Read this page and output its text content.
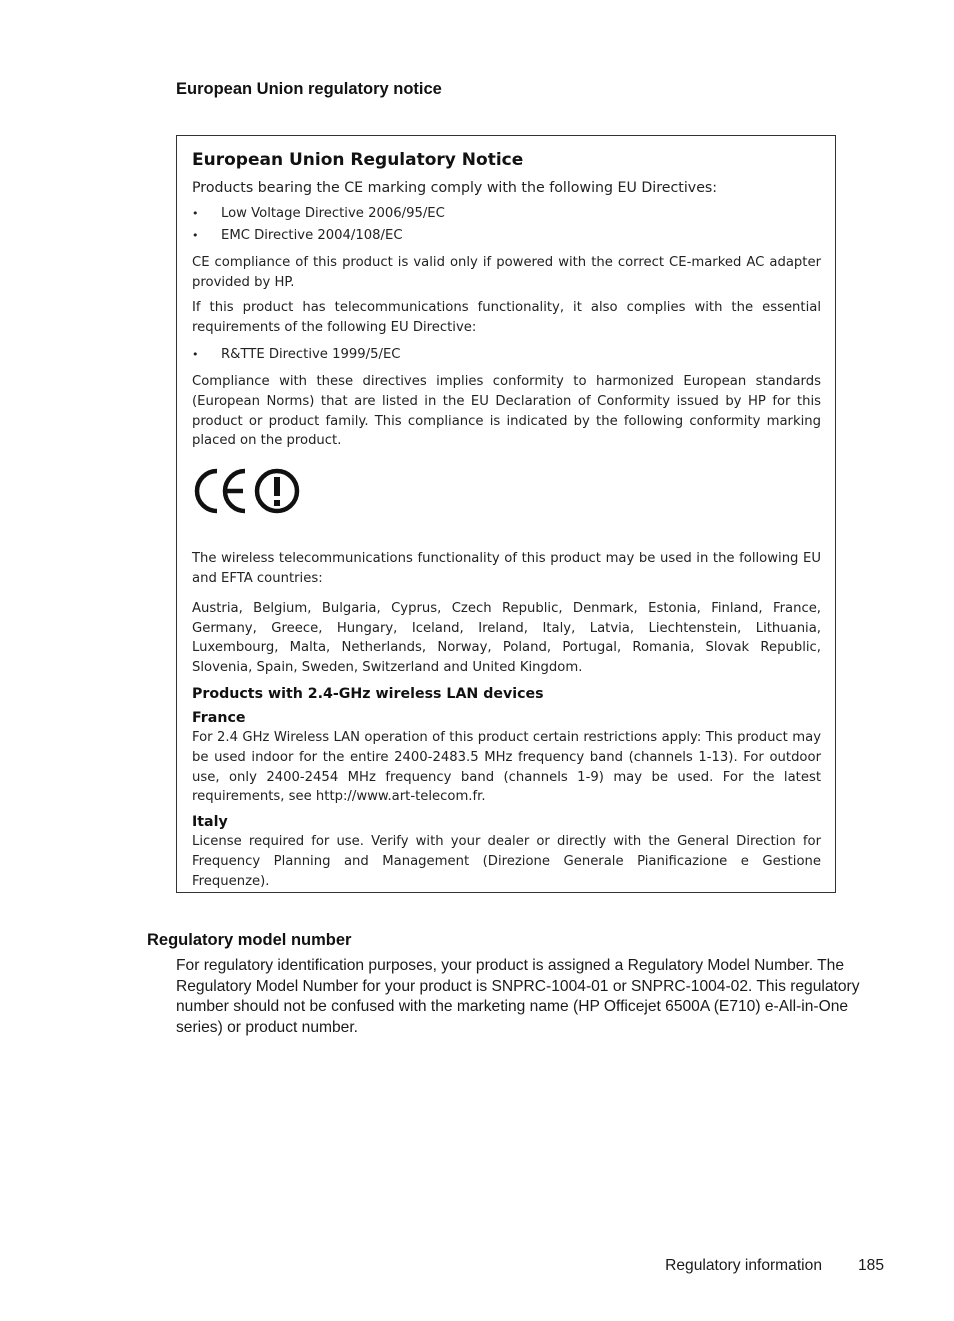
European Union regulatory notice
European Union Regulatory Notice

Products bearing the CE marking comply with the following EU Directives:

• Low Voltage Directive 2006/95/EC
• EMC Directive 2004/108/EC

CE compliance of this product is valid only if powered with the correct CE-marked AC adapter provided by HP.

If this product has telecommunications functionality, it also complies with the essential requirements of the following EU Directive:

• R&TTE Directive 1999/5/EC

Compliance with these directives implies conformity to harmonized European standards (European Norms) that are listed in the EU Declaration of Conformity issued by HP for this product or product family. This compliance is indicated by the following conformity marking placed on the product.

The wireless telecommunications functionality of this product may be used in the following EU and EFTA countries:

Austria, Belgium, Bulgaria, Cyprus, Czech Republic, Denmark, Estonia, Finland, France, Germany, Greece, Hungary, Iceland, Ireland, Italy, Latvia, Liechtenstein, Lithuania, Luxembourg, Malta, Netherlands, Norway, Poland, Portugal, Romania, Slovak Republic, Slovenia, Spain, Sweden, Switzerland and United Kingdom.

Products with 2.4-GHz wireless LAN devices
France

For 2.4 GHz Wireless LAN operation of this product certain restrictions apply: This product may be used indoor for the entire 2400-2483.5 MHz frequency band (channels 1-13). For outdoor use, only 2400-2454 MHz frequency band (channels 1-9) may be used. For the latest requirements, see http://www.art-telecom.fr.

Italy

License required for use. Verify with your dealer or directly with the General Direction for Frequency Planning and Management (Direzione Generale Pianificazione e Gestione Frequenze).

Regulatory model number

For regulatory identification purposes, your product is assigned a Regulatory Model Number. The Regulatory Model Number for your product is SNPRC-1004-01 or SNPRC-1004-02. This regulatory number should not be confused with the marketing name (HP Officejet 6500A (E710) e-All-in-One series) or product number.

Regulatory information 185
